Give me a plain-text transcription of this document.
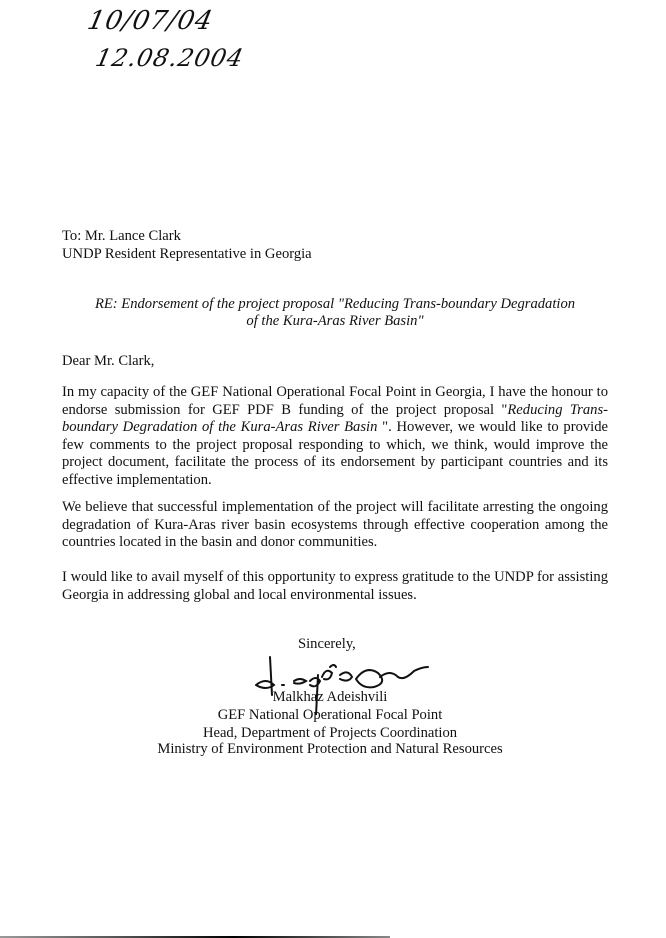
10/07/04
12.08.2004
To: Mr. Lance Clark
UNDP Resident Representative in Georgia
RE: Endorsement of the project proposal "Reducing Trans-boundary Degradation
of the Kura-Aras River Basin"
Dear Mr. Clark,
In my capacity of the GEF National Operational Focal Point in Georgia, I have the honour to endorse submission for GEF PDF B funding of the project proposal "Reducing Trans-boundary Degradation of the Kura-Aras River Basin ". However, we would like to provide few comments to the project proposal responding to which, we think, would improve the project document, facilitate the process of its endorsement by participant countries and its effective implementation.
We believe that successful implementation of the project will facilitate arresting the ongoing degradation of Kura-Aras river basin ecosystems through effective cooperation among the countries located in the basin and donor communities.
I would like to avail myself of this opportunity to express gratitude to the UNDP for assisting Georgia in addressing global and local environmental issues.
Sincerely,
Malkhaz Adeishvili
GEF National Operational Focal Point
Head, Department of Projects Coordination
Ministry of Environment Protection and Natural Resources
